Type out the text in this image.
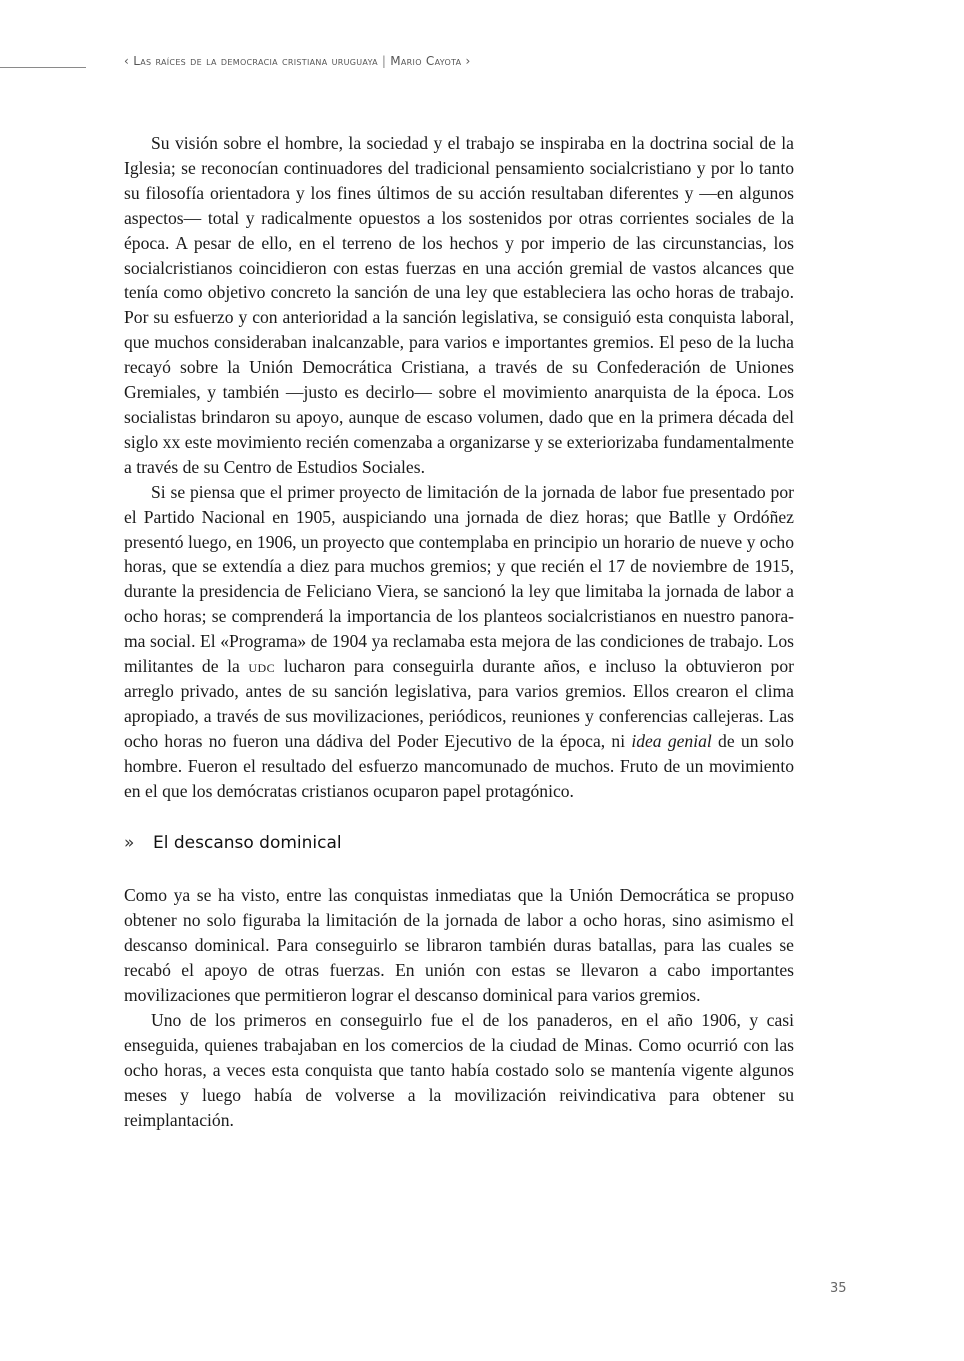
‹ Las raíces de la democracia cristiana uruguaya | Mario Cayota ›

Su visión sobre el hombre, la sociedad y el trabajo se inspiraba en la doctrina social de la Iglesia; se reconocían continuadores del tradicional pensamiento socialcristiano y por lo tanto su filosofía orientadora y los fines últimos de su acción resultaban diferentes y —en algunos aspectos— total y radicalmente opuestos a los sostenidos por otras corrientes sociales de la época. A pesar de ello, en el terreno de los hechos y por imperio de las circunstancias, los socialcristianos coincidieron con estas fuerzas en una acción gremial de vastos alcances que tenía como objetivo concreto la sanción de una ley que estableciera las ocho horas de trabajo. Por su esfuerzo y con anterioridad a la sanción legislativa, se consiguió esta conquista laboral, que muchos consideraban inalcanzable, para varios e importantes gremios. El peso de la lucha recayó sobre la Unión Democrática Cristiana, a través de su Confederación de Uniones Gremiales, y también —justo es decirlo— sobre el movimiento anarquista de la época. Los socialistas brindaron su apoyo, aunque de escaso volumen, dado que en la primera década del siglo xx este movimiento recién comenzaba a organizarse y se exteriorizaba fundamentalmente a través de su Centro de Estudios Sociales.

Si se piensa que el primer proyecto de limitación de la jornada de labor fue presentado por el Partido Nacional en 1905, auspiciando una jornada de diez horas; que Batlle y Ordóñez presentó luego, en 1906, un proyecto que contemplaba en principio un horario de nueve y ocho horas, que se extendía a diez para muchos gremios; y que recién el 17 de noviembre de 1915, durante la presidencia de Feliciano Viera, se sancionó la ley que limitaba la jornada de labor a ocho horas; se comprenderá la importancia de los planteos socialcristianos en nuestro panorama social. El «Programa» de 1904 ya reclamaba esta mejora de las condiciones de trabajo. Los militantes de la udc lucharon para conseguirla durante años, e incluso la obtuvieron por arreglo privado, antes de su sanción legislativa, para varios gremios. Ellos crearon el clima apropiado, a través de sus movilizaciones, periódicos, reuniones y conferencias callejeras. Las ocho horas no fueron una dádiva del Poder Ejecutivo de la época, ni idea genial de un solo hombre. Fueron el resultado del esfuerzo mancomunado de muchos. Fruto de un movimiento en el que los demócratas cristianos ocuparon papel protagónico.

»	El descanso dominical

Como ya se ha visto, entre las conquistas inmediatas que la Unión Democrática se propuso obtener no solo figuraba la limitación de la jornada de labor a ocho horas, sino asimismo el descanso dominical. Para conseguirlo se libraron también duras batallas, para las cuales se recabó el apoyo de otras fuerzas. En unión con estas se llevaron a cabo importantes movilizaciones que permitieron lograr el descanso dominical para varios gremios.

Uno de los primeros en conseguirlo fue el de los panaderos, en el año 1906, y casi enseguida, quienes trabajaban en los comercios de la ciudad de Minas. Como ocurrió con las ocho horas, a veces esta conquista que tanto había costado solo se mantenía vigente algunos meses y luego había de volverse a la movilización reivindicativa para obtener su reimplantación.

35
